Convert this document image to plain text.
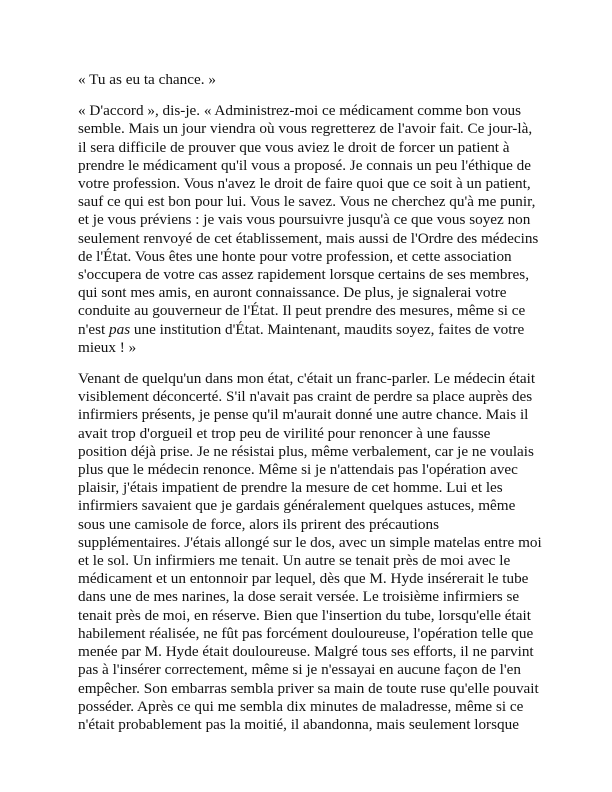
« Tu as eu ta chance. »

« D'accord », dis-je. « Administrez-moi ce médicament comme bon vous
semble. Mais un jour viendra où vous regretterez de l'avoir fait. Ce jour-là,
il sera difficile de prouver que vous aviez le droit de forcer un patient à
prendre le médicament qu'il vous a proposé. Je connais un peu l'éthique de
votre profession. Vous n'avez le droit de faire quoi que ce soit à un patient,
sauf ce qui est bon pour lui. Vous le savez. Vous ne cherchez qu'à me punir,
et je vous préviens : je vais vous poursuivre jusqu'à ce que vous soyez non
seulement renvoyé de cet établissement, mais aussi de l'Ordre des médecins
de l'État. Vous êtes une honte pour votre profession, et cette association
s'occupera de votre cas assez rapidement lorsque certains de ses membres,
qui sont mes amis, en auront connaissance. De plus, je signalerai votre
conduite au gouverneur de l'État. Il peut prendre des mesures, même si ce
n'est pas une institution d'État. Maintenant, maudits soyez, faites de votre
mieux ! »

Venant de quelqu'un dans mon état, c'était un franc-parler. Le médecin était
visiblement déconcerté. S'il n'avait pas craint de perdre sa place auprès des
infirmiers présents, je pense qu'il m'aurait donné une autre chance. Mais il
avait trop d'orgueil et trop peu de virilité pour renoncer à une fausse
position déjà prise. Je ne résistai plus, même verbalement, car je ne voulais
plus que le médecin renonce. Même si je n'attendais pas l'opération avec
plaisir, j'étais impatient de prendre la mesure de cet homme. Lui et les
infirmiers savaient que je gardais généralement quelques astuces, même
sous une camisole de force, alors ils prirent des précautions
supplémentaires. J'étais allongé sur le dos, avec un simple matelas entre moi
et le sol. Un infirmiers me tenait. Un autre se tenait près de moi avec le
médicament et un entonnoir par lequel, dès que M. Hyde insérerait le tube
dans une de mes narines, la dose serait versée. Le troisième infirmiers se
tenait près de moi, en réserve. Bien que l'insertion du tube, lorsqu'elle était
habilement réalisée, ne fût pas forcément douloureuse, l'opération telle que
menée par M. Hyde était douloureuse. Malgré tous ses efforts, il ne parvint
pas à l'insérer correctement, même si je n'essayai en aucune façon de l'en
empêcher. Son embarras sembla priver sa main de toute ruse qu'elle pouvait
posséder. Après ce qui me sembla dix minutes de maladresse, même si ce
n'était probablement pas la moitié, il abandonna, mais seulement lorsque
